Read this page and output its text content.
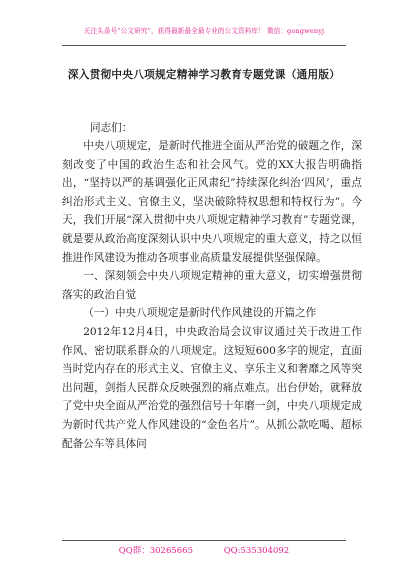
关注头条号“公文研究”，获得最新最全最专业的公文资料库！ 微信：gongwenyj
深入贯彻中央八项规定精神学习教育专题党课（通用版）
同志们：

中央八项规定，是新时代推进全面从严治党的破题之作，深刻改变了中国的政治生态和社会风气。党的XX大报告明确指出，“坚持以严的基调强化正风肃纪”持续深化纠治‘四风’，重点纠治形式主义、官僚主义，坚决破除特权思想和特权行为”。今天，我们开展“深入贯彻中央八项规定精神学习教育”专题党课，就是要从政治高度深刻认识中央八项规定的重大意义，持之以恒推进作风建设为推动各项事业高质量发展提供坚强保障。

一、深刻领会中央八项规定精神的重大意义，切实增强贯彻落实的政治自觉

（一）中央八项规定是新时代作风建设的开篇之作

2012年12月4日，中央政治局会议审议通过关于改进工作作风、密切联系群众的八项规定。这短短600多字的规定，直面当时党内存在的形式主义、官僚主义、享乐主义和奢靡之风等突出问题，剑指人民群众反映强烈的痛点难点。出台伊始，就释放了党中央全面从严治党的强烈信号十年磨一剑，中央八项规定成为新时代共产党人作风建设的“金色名片”。从抓公款吃喝、超标配备公车等具体问

QQ群：30265665	QQ:535304092
